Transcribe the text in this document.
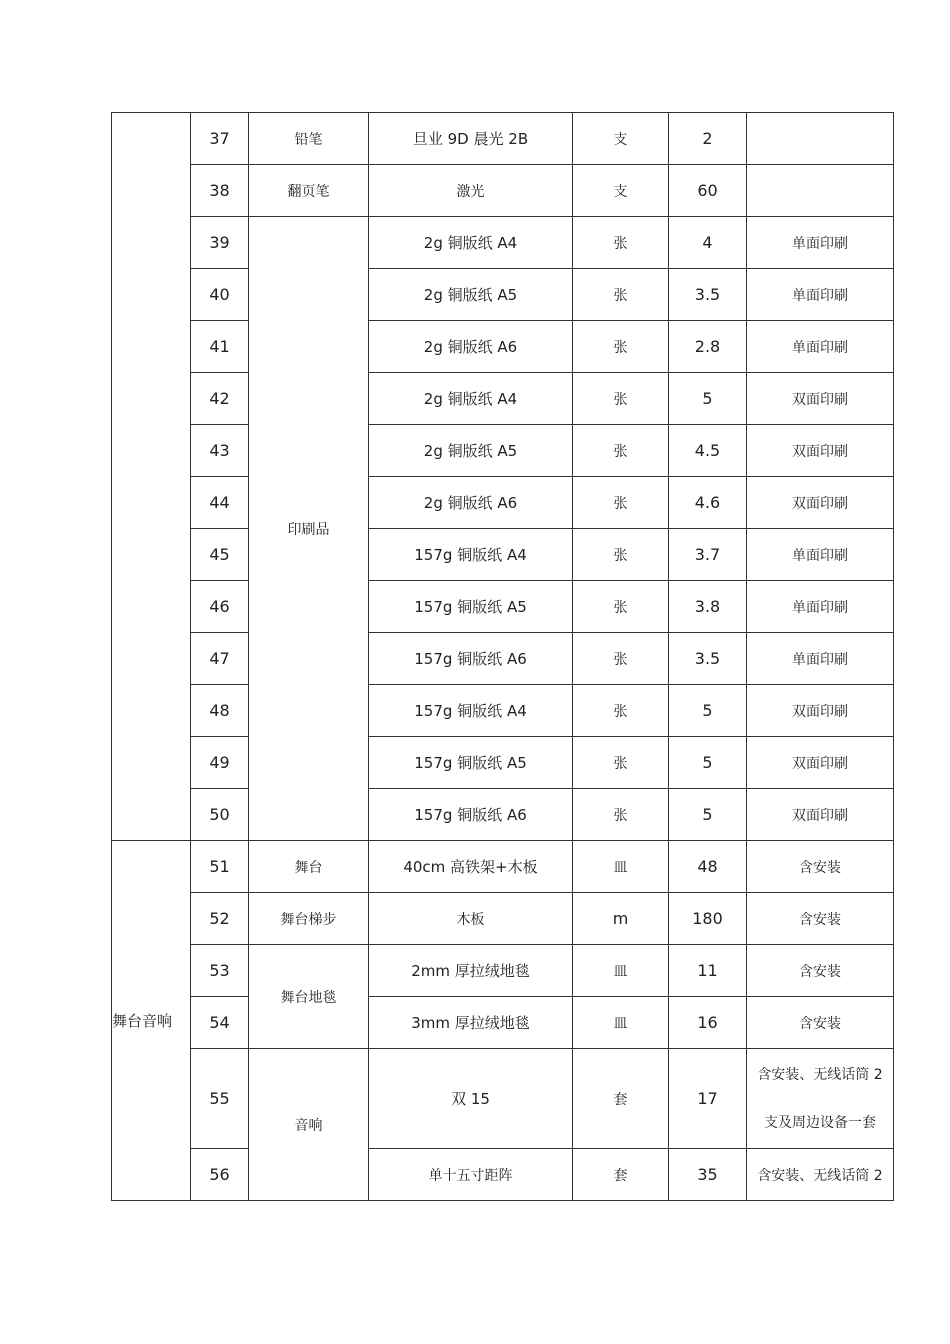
	37	铅笔	旦业 9D 晨光 2B	支	2	
	38	翻页笔	激光	支	60	
	39	印刷品	2g 铜版纸 A4	张	4	单面印刷
	40		2g 铜版纸 A5	张	3.5	单面印刷
	41		2g 铜版纸 A6	张	2.8	单面印刷
	42		2g 铜版纸 A4	张	5	双面印刷
	43		2g 铜版纸 A5	张	4.5	双面印刷
	44		2g 铜版纸 A6	张	4.6	双面印刷
	45		157g 铜版纸 A4	张	3.7	单面印刷
	46		157g 铜版纸 A5	张	3.8	单面印刷
	47		157g 铜版纸 A6	张	3.5	单面印刷
	48		157g 铜版纸 A4	张	5	双面印刷
	49		157g 铜版纸 A5	张	5	双面印刷
	50		157g 铜版纸 A6	张	5	双面印刷
舞台音响	51	舞台	40cm 高铁架+木板	皿	48	含安装
	52	舞台梯步	木板	m	180	含安装
	53	舞台地毯	2mm 厚拉绒地毯	皿	11	含安装
	54		3mm 厚拉绒地毯	皿	16	含安装
	55	音响	双 15	套	17	含安装、无线话筒 2 支及周边设备一套
	56		单十五寸距阵	套	35	含安装、无线话筒 2
